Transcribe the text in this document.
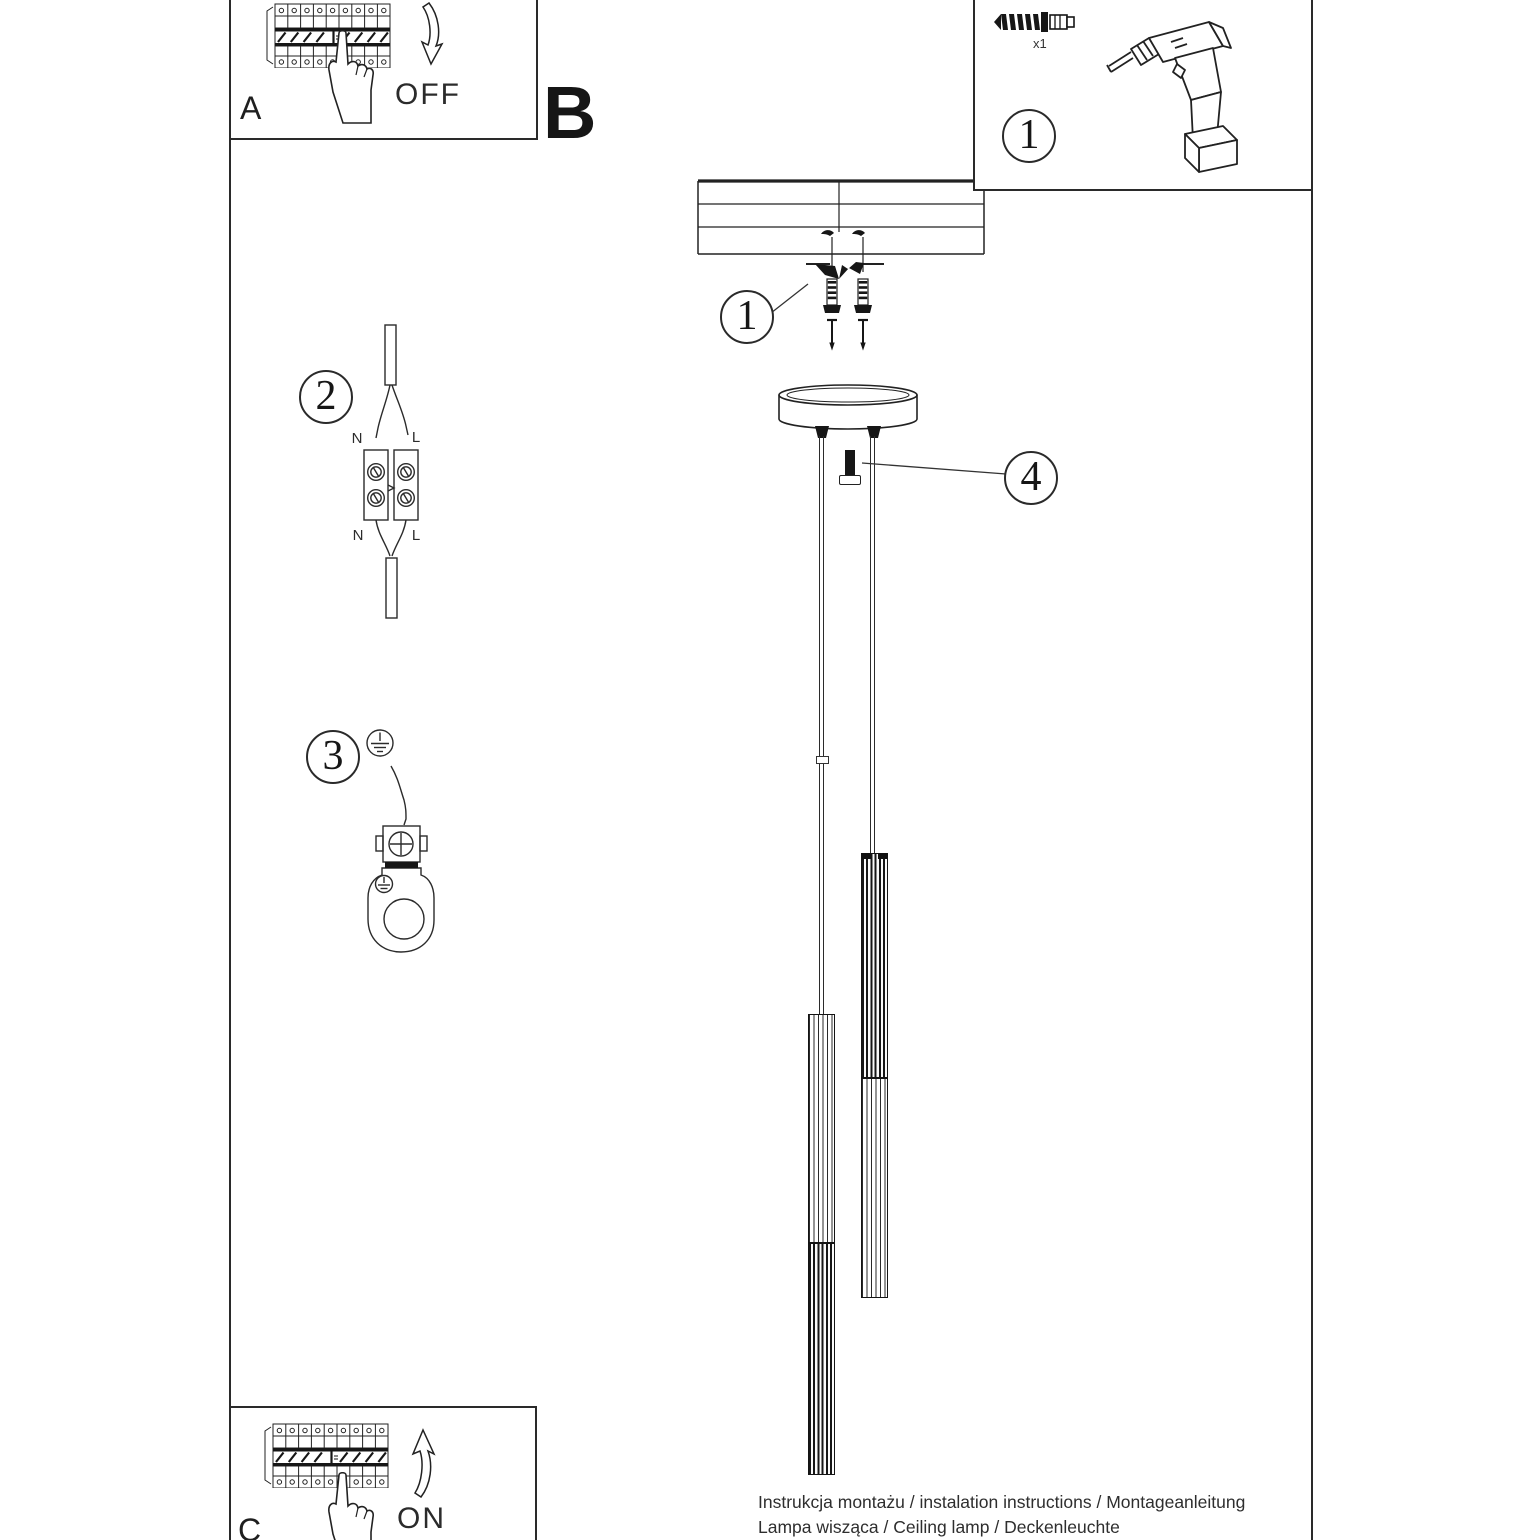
1
4
2
N	L
N	L
3
OFF
A	B
x1
1
ON
C
Instrukcja montażu / instalation instructions / Montageanleitung
Lampa wisząca / Ceiling lamp / Deckenleuchte
